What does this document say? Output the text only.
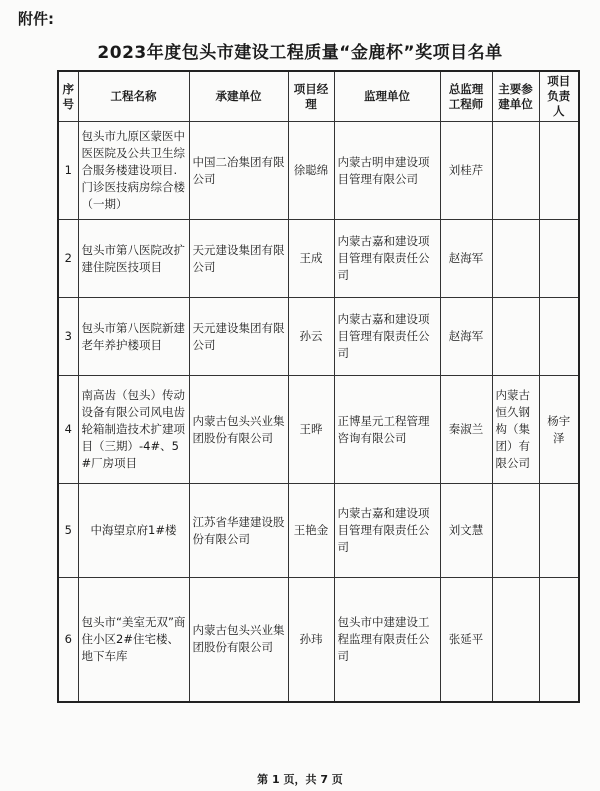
附件:
2023年度包头市建设工程质量“金鹿杯”奖项目名单
序号	工程名称	承建单位	项目经理	监理单位	总监理工程师	主要参建单位	项目负责人
1	包头市九原区蒙医中医医院及公共卫生综合服务楼建设项目.门诊医技病房综合楼（一期）	中国二冶集团有限公司	徐聪绵	内蒙古明申建设项目管理有限公司	刘桂芹		
2	包头市第八医院改扩建住院医技项目	天元建设集团有限公司	王成	内蒙古嘉和建设项目管理有限责任公司	赵海军		
3	包头市第八医院新建老年养护楼项目	天元建设集团有限公司	孙云	内蒙古嘉和建设项目管理有限责任公司	赵海军		
4	南高齿（包头）传动设备有限公司风电齿轮箱制造技术扩建项目（三期）-4#、5#厂房项目	内蒙古包头兴业集团股份有限公司	王晔	正博星元工程管理咨询有限公司	秦淑兰	内蒙古恒久钢构（集团）有限公司	杨宇泽
5	中海望京府1#楼	江苏省华建建设股份有限公司	王艳金	内蒙古嘉和建设项目管理有限责任公司	刘文慧		
6	包头市“美室无双”商住小区2#住宅楼、地下车库	内蒙古包头兴业集团股份有限公司	孙玮	包头市中建建设工程监理有限责任公司	张延平		
第 1 页，共 7 页
